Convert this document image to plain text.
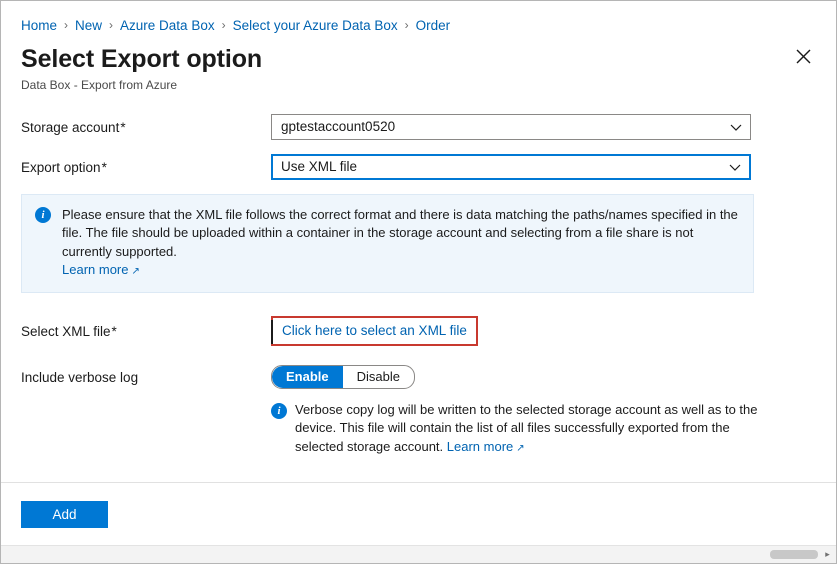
Home › New › Azure Data Box › Select your Azure Data Box › Order
Select Export option
Data Box - Export from Azure
Storage account*	gptestaccount0520
Export option*	Use XML file
i	Please ensure that the XML file follows the correct format and there is data matching the paths/names specified in the file. The file should be uploaded within a container in the storage account and selecting from a file share is not currently supported.
Learn more ↗
Select XML file*	Click here to select an XML file
Include verbose log	Enable	Disable
i	Verbose copy log will be written to the selected storage account as well as to the device. This file will contain the list of all files successfully exported from the selected storage account. Learn more ↗
Add
▸
